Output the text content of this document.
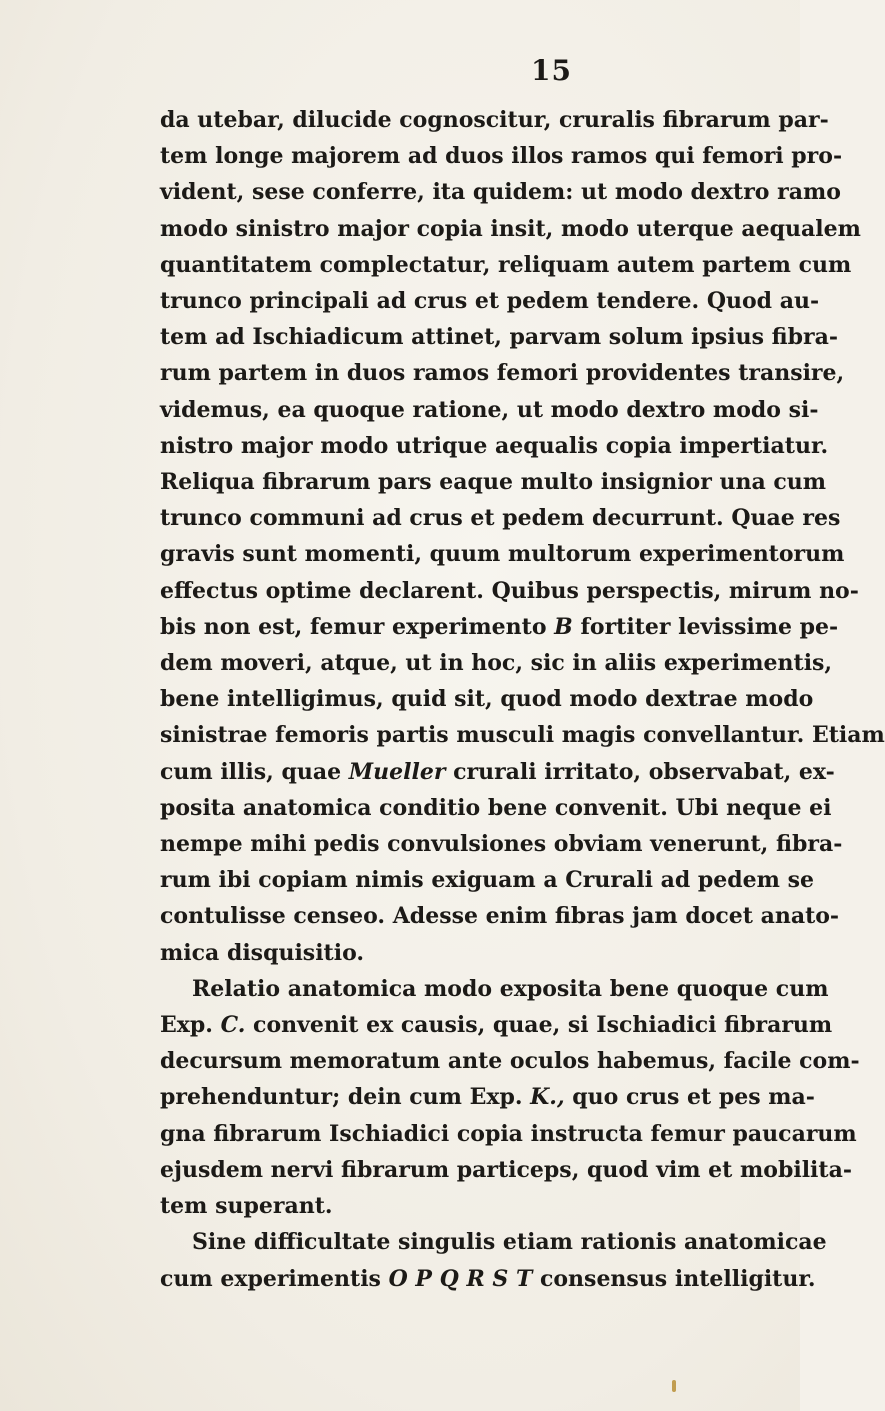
15
da utebar, dilucide cognoscitur, cruralis fibrarum par-
tem longe majorem ad duos illos ramos qui femori pro-
vident, sese conferre, ita quidem: ut modo dextro ramo
modo sinistro major copia insit, modo uterque aequalem
quantitatem complectatur, reliquam autem partem cum
trunco principali ad crus et pedem tendere. Quod au-
tem ad Ischiadicum attinet, parvam solum ipsius fibra-
rum partem in duos ramos femori providentes transire,
videmus, ea quoque ratione, ut modo dextro modo si-
nistro major modo utrique aequalis copia impertiatur.
Reliqua fibrarum pars eaque multo insignior una cum
trunco communi ad crus et pedem decurrunt. Quae res
gravis sunt momenti, quum multorum experimentorum
effectus optime declarent. Quibus perspectis, mirum no-
bis non est, femur experimento B fortiter levissime pe-
dem moveri, atque, ut in hoc, sic in aliis experimentis,
bene intelligimus, quid sit, quod modo dextrae modo
sinistrae femoris partis musculi magis convellantur. Etiam
cum illis, quae Mueller crurali irritato, observabat, ex-
posita anatomica conditio bene convenit. Ubi neque ei
nempe mihi pedis convulsiones obviam venerunt, fibra-
rum ibi copiam nimis exiguam a Crurali ad pedem se
contulisse censeo. Adesse enim fibras jam docet anato-
mica disquisitio.
Relatio anatomica modo exposita bene quoque cum
Exp. C. convenit ex causis, quae, si Ischiadici fibrarum
decursum memoratum ante oculos habemus, facile com-
prehenduntur; dein cum Exp. K., quo crus et pes ma-
gna fibrarum Ischiadici copia instructa femur paucarum
ejusdem nervi fibrarum particeps, quod vim et mobilita-
tem superant.
Sine difficultate singulis etiam rationis anatomicae
cum experimentis O P Q R S T consensus intelligitur.
